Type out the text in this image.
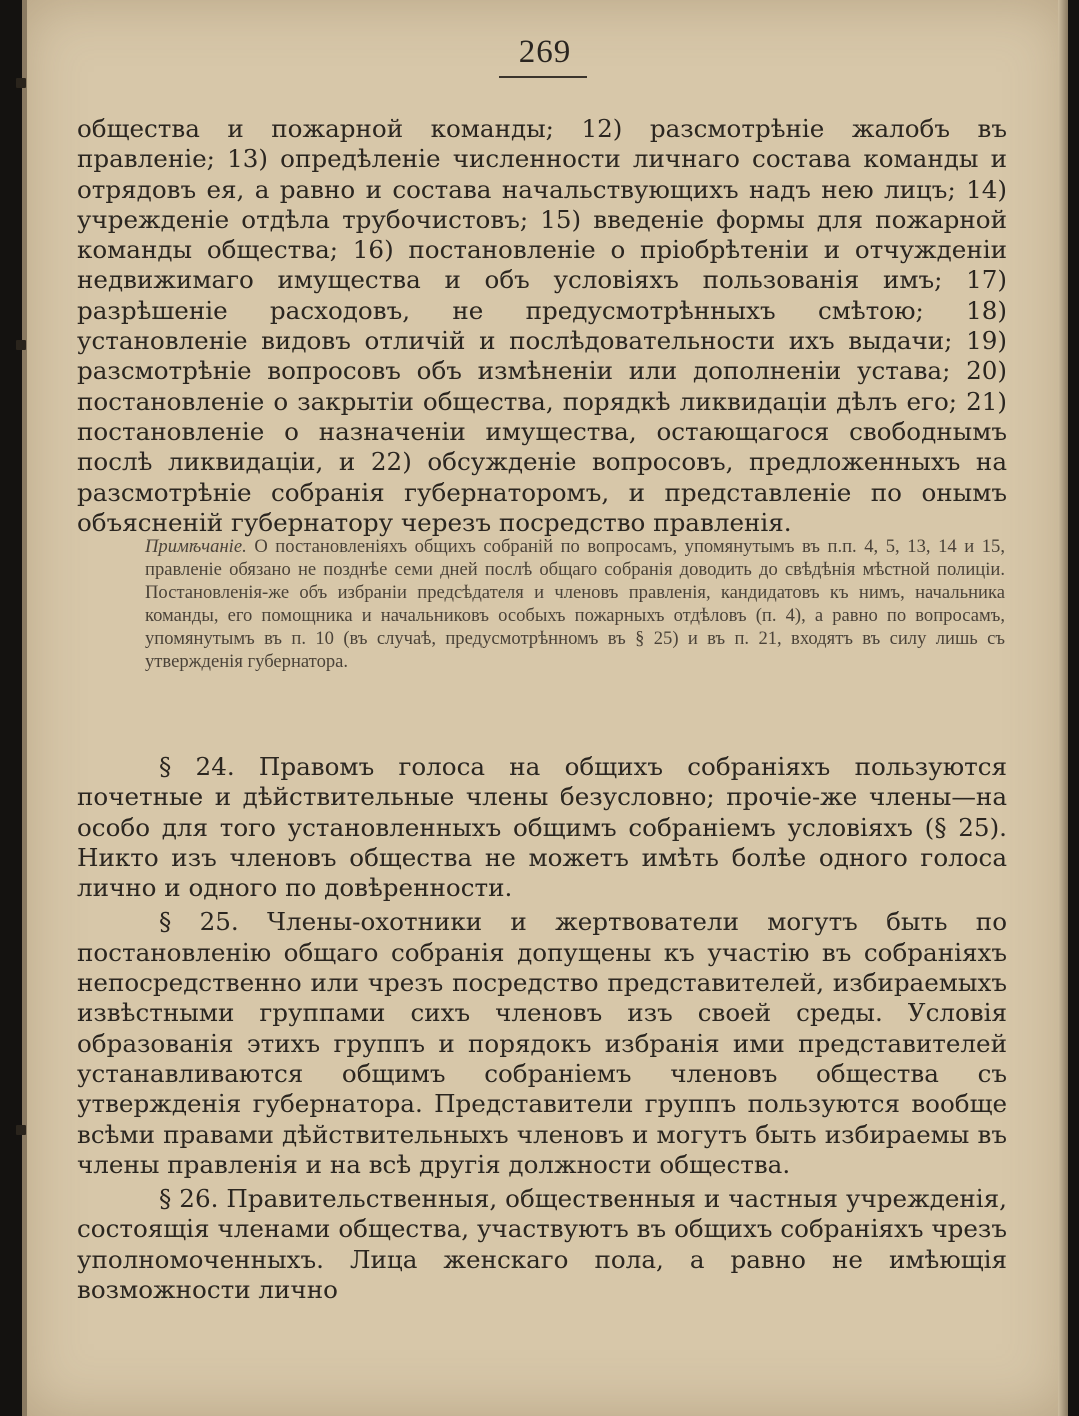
269

общества и пожарной команды; 12) разсмотрѣніе жалобъ въ правленіе; 13) опредѣленіе численности личнаго состава команды и отрядовъ ея, а равно и состава начальствующихъ надъ нею лицъ; 14) учрежденіе отдѣла трубочистовъ; 15) введеніе формы для пожарной команды общества; 16) постановленіе о пріобрѣтеніи и отчужденіи недвижимаго имущества и объ условіяхъ пользованія имъ; 17) разрѣшеніе расходовъ, не предусмотрѣнныхъ смѣтою; 18) установленіе видовъ отличій и послѣдовательности ихъ выдачи; 19) разсмотрѣніе вопросовъ объ измѣненіи или дополненіи устава; 20) постановленіе о закрытіи общества, порядкѣ ликвидаціи дѣлъ его; 21) постановленіе о назначеніи имущества, остающагося свободнымъ послѣ ликвидаціи, и 22) обсужденіе вопросовъ, предложенныхъ на разсмотрѣніе собранія губернаторомъ, и представленіе по онымъ объясненій губернатору черезъ посредство правленія.

Примѣчаніе. О постановленіяхъ общихъ собраній по вопросамъ, упомянутымъ въ п.п. 4, 5, 13, 14 и 15, правленіе обязано не позднѣе семи дней послѣ общаго собранія доводить до свѣдѣнія мѣстной полиціи. Постановленія-же объ избраніи предсѣдателя и членовъ правленія, кандидатовъ къ нимъ, начальника команды, его помощника и начальниковъ особыхъ пожарныхъ отдѣловъ (п. 4), а равно по вопросамъ, упомянутымъ въ п. 10 (въ случаѣ, предусмотрѣнномъ въ § 25) и въ п. 21, входятъ въ силу лишь съ утвержденія губернатора.

§ 24. Правомъ голоса на общихъ собраніяхъ пользуются почетные и дѣйствительные члены безусловно; прочіе-же члены—на особо для того установленныхъ общимъ собраніемъ условіяхъ (§ 25). Никто изъ членовъ общества не можетъ имѣть болѣе одного голоса лично и одного по довѣренности.

§ 25. Члены-охотники и жертвователи могутъ быть по постановленію общаго собранія допущены къ участію въ собраніяхъ непосредственно или чрезъ посредство представителей, избираемыхъ извѣстными группами сихъ членовъ изъ своей среды. Условія образованія этихъ группъ и порядокъ избранія ими представителей устанавливаются общимъ собраніемъ членовъ общества съ утвержденія губернатора. Представители группъ пользуются вообще всѣми правами дѣйствительныхъ членовъ и могутъ быть избираемы въ члены правленія и на всѣ другія должности общества.

§ 26. Правительственныя, общественныя и частныя учрежденія, состоящія членами общества, участвуютъ въ общихъ собраніяхъ чрезъ уполномоченныхъ. Лица женскаго пола, а равно не имѣющія возможности лично
